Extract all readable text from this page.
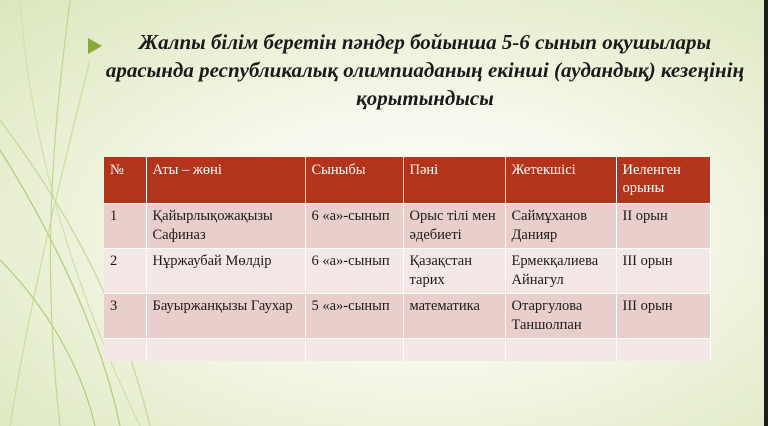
Жалпы білім беретін пәндер бойынша 5-6 сынып оқушылары арасында республикалық олимпиаданың екінші (аудандық) кезеңінің қорытындысы
№	Аты – жөні	Сыныбы	Пәні	Жетекшісі	Иеленген орыны
1	Қайырлықожақызы Сафиназ	6 «а»-сынып	Орыс тілі мен әдебиеті	Саймұханов Данияр	ІІ орын
2	Нұржаубай Мөлдір	6 «а»-сынып	Қазақстан тарих	Ермекқалиева Айнагул	ІІІ орын
3	Бауыржанқызы Гаухар	5 «а»-сынып	математика	Отаргулова Таншолпан	ІІІ орын
